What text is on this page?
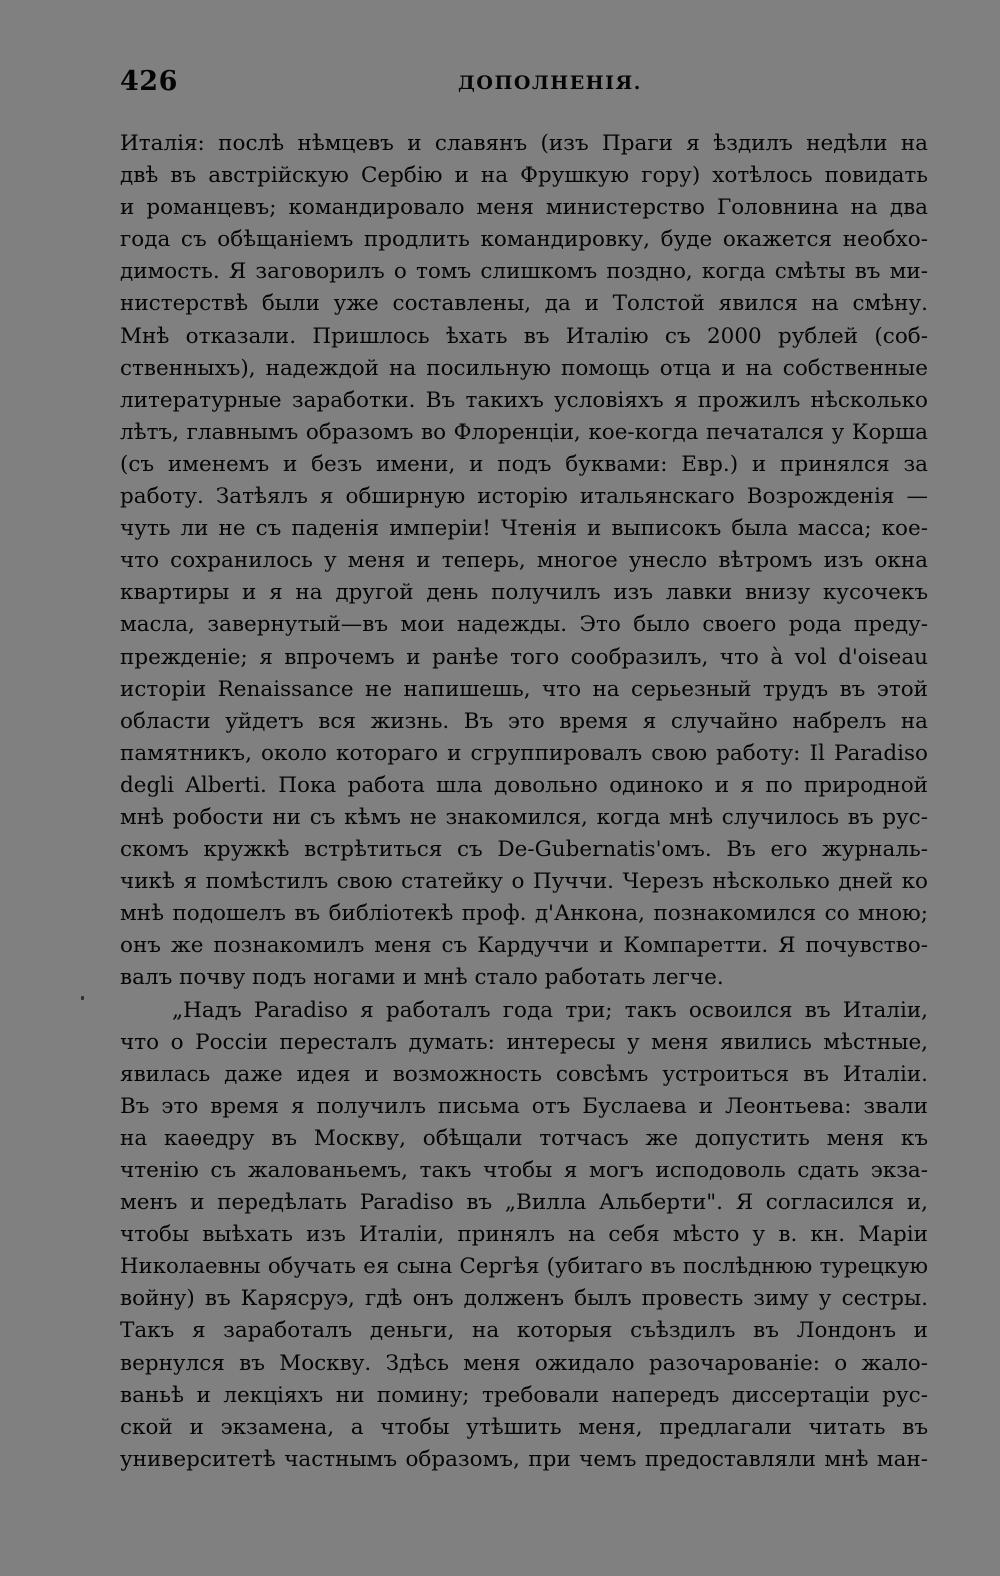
426	ДОПОЛНЕНІЯ.
Италія: послѣ нѣмцевъ и славянъ (изъ Праги я ѣздилъ недѣли на
двѣ въ австрійскую Сербію и на Фрушкую гору) хотѣлось повидать
и романцевъ; командировало меня министерство Головнина на два
года съ обѣщаніемъ продлить командировку, буде окажется необхо-
димость. Я заговорилъ о томъ слишкомъ поздно, когда смѣты въ ми-
нистерствѣ были уже составлены, да и Толстой явился на смѣну.
Мнѣ отказали. Пришлось ѣхать въ Италію съ 2000 рублей (соб-
ственныхъ), надеждой на посильную помощь отца и на собственные
литературные заработки. Въ такихъ условіяхъ я прожилъ нѣсколько
лѣтъ, главнымъ образомъ во Флоренціи, кое-когда печатался у Корша
(съ именемъ и безъ имени, и подъ буквами: Евр.) и принялся за
работу. Затѣялъ я обширную исторію итальянскаго Возрожденія —
чуть ли не съ паденія имперіи! Чтенія и выписокъ была масса; кое-
что сохранилось у меня и теперь, многое унесло вѣтромъ изъ окна
квартиры и я на другой день получилъ изъ лавки внизу кусочекъ
масла, завернутый—въ мои надежды. Это было своего рода преду-
прежденіе; я впрочемъ и ранѣе того сообразилъ, что à vol d'oiseau
исторіи Renaissance не напишешь, что на серьезный трудъ въ этой
области уйдетъ вся жизнь. Въ это время я случайно набрелъ на
памятникъ, около котораго и сгруппировалъ свою работу: Il Paradiso
degli Alberti. Пока работа шла довольно одиноко и я по природной
мнѣ робости ни съ кѣмъ не знакомился, когда мнѣ случилось въ рус-
скомъ кружкѣ встрѣтиться съ De-Gubernatis'омъ. Въ его журналь-
чикѣ я помѣстилъ свою статейку о Пуччи. Черезъ нѣсколько дней ко
мнѣ подошелъ въ библіотекѣ проф. д'Анкона, познакомился со мною;
онъ же познакомилъ меня съ Кардуччи и Компаретти. Я почувство-
валъ почву подъ ногами и мнѣ стало работать легче.
„Надъ Paradiso я работалъ года три; такъ освоился въ Италіи,
что о Россіи пересталъ думать: интересы у меня явились мѣстные,
явилась даже идея и возможность совсѣмъ устроиться въ Италіи.
Въ это время я получилъ письма отъ Буслаева и Леонтьева: звали
на каѳедру въ Москву, обѣщали тотчасъ же допустить меня къ
чтенію съ жалованьемъ, такъ чтобы я могъ исподоволь сдать экза-
менъ и передѣлать Paradiso въ „Вилла Альберти". Я согласился и,
чтобы выѣхать изъ Италіи, принялъ на себя мѣсто у в. кн. Маріи
Николаевны обучать ея сына Сергѣя (убитаго въ послѣднюю турецкую
войну) въ Карясруэ, гдѣ онъ долженъ былъ провесть зиму у сестры.
Такъ я заработалъ деньги, на которыя съѣздилъ въ Лондонъ и
вернулся въ Москву. Здѣсь меня ожидало разочарованіе: о жало-
ваньѣ и лекціяхъ ни помину; требовали напередъ диссертаціи рус-
ской и экзамена, а чтобы утѣшить меня, предлагали читать въ
университетѣ частнымъ образомъ, при чемъ предоставляли мнѣ ман-
